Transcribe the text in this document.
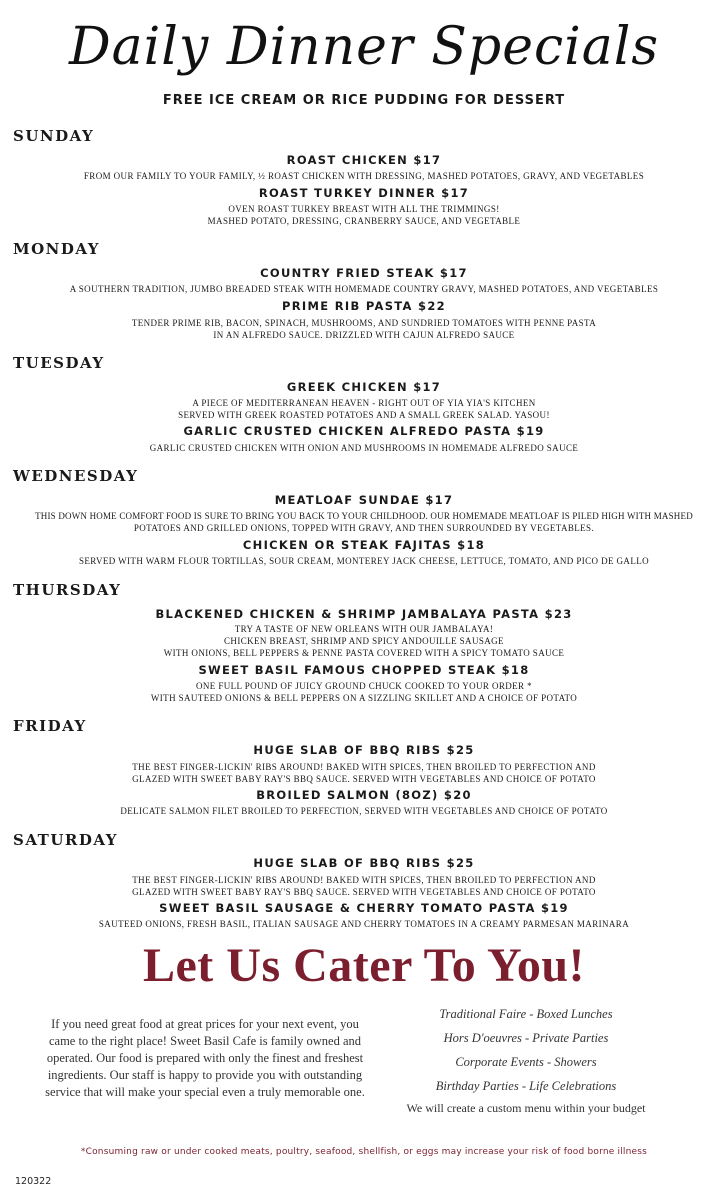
Daily Dinner Specials
FREE ICE CREAM OR RICE PUDDING FOR DESSERT
SUNDAY
ROAST CHICKEN $17
FROM OUR FAMILY TO YOUR FAMILY, ½ ROAST CHICKEN WITH DRESSING, MASHED POTATOES, GRAVY, AND VEGETABLES
ROAST TURKEY DINNER $17
OVEN ROAST TURKEY BREAST WITH ALL THE TRIMMINGS!
MASHED POTATO, DRESSING, CRANBERRY SAUCE, AND VEGETABLE
MONDAY
COUNTRY FRIED STEAK $17
A SOUTHERN TRADITION, JUMBO BREADED STEAK WITH HOMEMADE COUNTRY GRAVY, MASHED POTATOES, AND VEGETABLES
PRIME RIB PASTA $22
TENDER PRIME RIB, BACON, SPINACH, MUSHROOMS, AND SUNDRIED TOMATOES WITH PENNE PASTA
IN AN ALFREDO SAUCE. DRIZZLED WITH CAJUN ALFREDO SAUCE
TUESDAY
GREEK CHICKEN $17
A PIECE OF MEDITERRANEAN HEAVEN - RIGHT OUT OF YIA YIA'S KITCHEN
SERVED WITH GREEK ROASTED POTATOES AND A SMALL GREEK SALAD. YASOU!
GARLIC CRUSTED CHICKEN ALFREDO PASTA $19
GARLIC CRUSTED CHICKEN WITH ONION AND MUSHROOMS IN HOMEMADE ALFREDO SAUCE
WEDNESDAY
MEATLOAF SUNDAE $17
THIS DOWN HOME COMFORT FOOD IS SURE TO BRING YOU BACK TO YOUR CHILDHOOD. OUR HOMEMADE MEATLOAF IS PILED HIGH WITH MASHED
POTATOES AND GRILLED ONIONS, TOPPED WITH GRAVY, AND THEN SURROUNDED BY VEGETABLES.
CHICKEN OR STEAK FAJITAS $18
SERVED WITH WARM FLOUR TORTILLAS, SOUR CREAM, MONTEREY JACK CHEESE, LETTUCE, TOMATO, AND PICO DE GALLO
THURSDAY
BLACKENED CHICKEN & SHRIMP JAMBALAYA PASTA $23
TRY A TASTE OF NEW ORLEANS WITH OUR JAMBALAYA!
CHICKEN BREAST, SHRIMP AND SPICY ANDOUILLE SAUSAGE
WITH ONIONS, BELL PEPPERS & PENNE PASTA COVERED WITH A SPICY TOMATO SAUCE
SWEET BASIL FAMOUS CHOPPED STEAK $18
ONE FULL POUND OF JUICY GROUND CHUCK COOKED TO YOUR ORDER *
WITH SAUTEED ONIONS & BELL PEPPERS ON A SIZZLING SKILLET AND A CHOICE OF POTATO
FRIDAY
HUGE SLAB OF BBQ RIBS $25
THE BEST FINGER-LICKIN' RIBS AROUND! BAKED WITH SPICES, THEN BROILED TO PERFECTION AND
GLAZED WITH SWEET BABY RAY'S BBQ SAUCE. SERVED WITH VEGETABLES AND CHOICE OF POTATO
BROILED SALMON (8OZ) $20
DELICATE SALMON FILET BROILED TO PERFECTION, SERVED WITH VEGETABLES AND CHOICE OF POTATO
SATURDAY
HUGE SLAB OF BBQ RIBS $25
THE BEST FINGER-LICKIN' RIBS AROUND! BAKED WITH SPICES, THEN BROILED TO PERFECTION AND
GLAZED WITH SWEET BABY RAY'S BBQ SAUCE. SERVED WITH VEGETABLES AND CHOICE OF POTATO
SWEET BASIL SAUSAGE & CHERRY TOMATO PASTA $19
SAUTEED ONIONS, FRESH BASIL, ITALIAN SAUSAGE AND CHERRY TOMATOES IN A CREAMY PARMESAN MARINARA
Let Us Cater To You!
If you need great food at great prices for your next event, you came to the right place! Sweet Basil Cafe is family owned and operated. Our food is prepared with only the finest and freshest ingredients. Our staff is happy to provide you with outstanding service that will make your special even a truly memorable one.
Traditional Faire - Boxed Lunches
Hors D'oeuvres - Private Parties
Corporate Events - Showers
Birthday Parties - Life Celebrations
We will create a custom menu within your budget
*Consuming raw or under cooked meats, poultry, seafood, shellfish, or eggs may increase your risk of food borne illness
120322
